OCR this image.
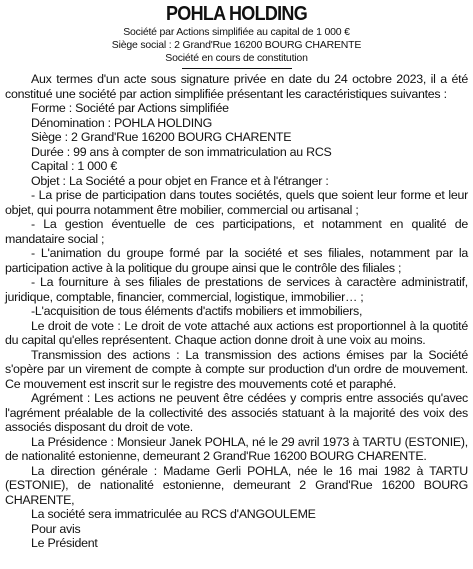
POHLA HOLDING

Société par Actions simplifiée au capital de 1 000 €

Siège social : 2 Grand'Rue 16200 BOURG CHARENTE

Société en cours de constitution

Aux termes d'un acte sous signature privée en date du 24 octobre 2023, il a été constitué une société par action simplifiée présentant les caractéristiques suivantes :

Forme : Société par Actions simplifiée

Dénomination : POHLA HOLDING

Siège : 2 Grand'Rue 16200 BOURG CHARENTE

Durée : 99 ans à compter de son immatriculation au RCS

Capital : 1 000 €

Objet : La Société a pour objet en France et à l'étranger :

- La prise de participation dans toutes sociétés, quels que soient leur forme et leur objet, qui pourra notamment être mobilier, commercial ou artisanal ;

- La gestion éventuelle de ces participations, et notamment en qualité de mandataire social ;

- L'animation du groupe formé par la société et ses filiales, notamment par la participation active à la politique du groupe ainsi que le contrôle des filiales ;

- La fourniture à ses filiales de prestations de services à caractère administratif, juridique, comptable, financier, commercial, logistique, immobilier… ;

-L'acquisition de tous éléments d'actifs mobiliers et immobiliers,

Le droit de vote : Le droit de vote attaché aux actions est proportionnel à la quotité du capital qu'elles représentent. Chaque action donne droit à une voix au moins.

Transmission des actions : La transmission des actions émises par la Société s'opère par un virement de compte à compte sur production d'un ordre de mouvement. Ce mouvement est inscrit sur le registre des mouvements coté et paraphé.

Agrément : Les actions ne peuvent être cédées y compris entre associés qu'avec l'agrément préalable de la collectivité des associés statuant à la majorité des voix des associés disposant du droit de vote.

La Présidence : Monsieur Janek POHLA, né le 29 avril 1973 à TARTU (ESTONIE), de nationalité estonienne, demeurant 2 Grand'Rue 16200 BOURG CHARENTE.

La direction générale : Madame Gerli POHLA, née le 16 mai 1982 à TARTU (ESTONIE), de nationalité estonienne, demeurant 2 Grand'Rue 16200 BOURG CHARENTE,

La société sera immatriculée au RCS d'ANGOULEME

Pour avis

Le Président
